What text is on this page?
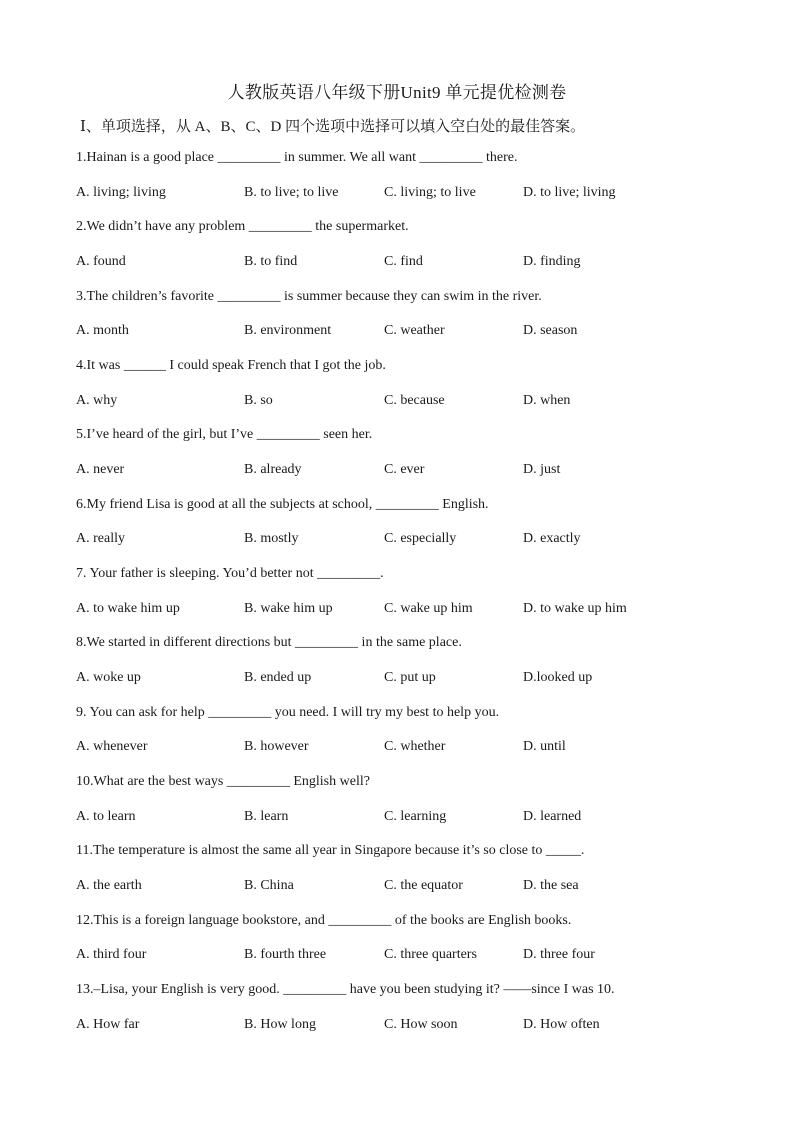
人教版英语八年级下册Unit9 单元提优检测卷
Ⅰ、单项选择，从 A、B、C、D 四个选项中选择可以填入空白处的最佳答案。
1.Hainan is a good place _________ in summer. We all want _________ there.
A. living; living	B. to live; to live	C. living; to live	D. to live; living
2.We didn’t have any problem _________ the supermarket.
A. found	B. to find	C. find	D. finding
3.The children’s favorite _________ is summer because they can swim in the river.
A. month	B. environment	C. weather	D. season
4.It was ______ I could speak French that I got the job.
A. why	B. so	C. because	D. when
5.I’ve heard of the girl, but I’ve _________ seen her.
A. never	B. already	C. ever	D. just
6.My friend Lisa is good at all the subjects at school, _________ English.
A. really	B. mostly	C. especially	D. exactly
7. Your father is sleeping. You’d better not _________.
A. to wake him up	B. wake him up	C. wake up him	D. to wake up him
8.We started in different directions but _________ in the same place.
A. woke up	B. ended up	C. put up	D.looked up
9. You can ask for help _________ you need. I will try my best to help you.
A. whenever	B. however	C. whether	D. until
10.What are the best ways _________ English well?
A. to learn	B. learn	C. learning	D. learned
11.The temperature is almost the same all year in Singapore because it’s so close to _____.
A. the earth	B. China	C. the equator	D. the sea
12.This is a foreign language bookstore, and _________ of the books are English books.
A. third four	B. fourth three	C. three quarters	D. three four
13.–Lisa, your English is very good. _________ have you been studying it? ——since I was 10.
A. How far	B. How long	C. How soon	D. How often
